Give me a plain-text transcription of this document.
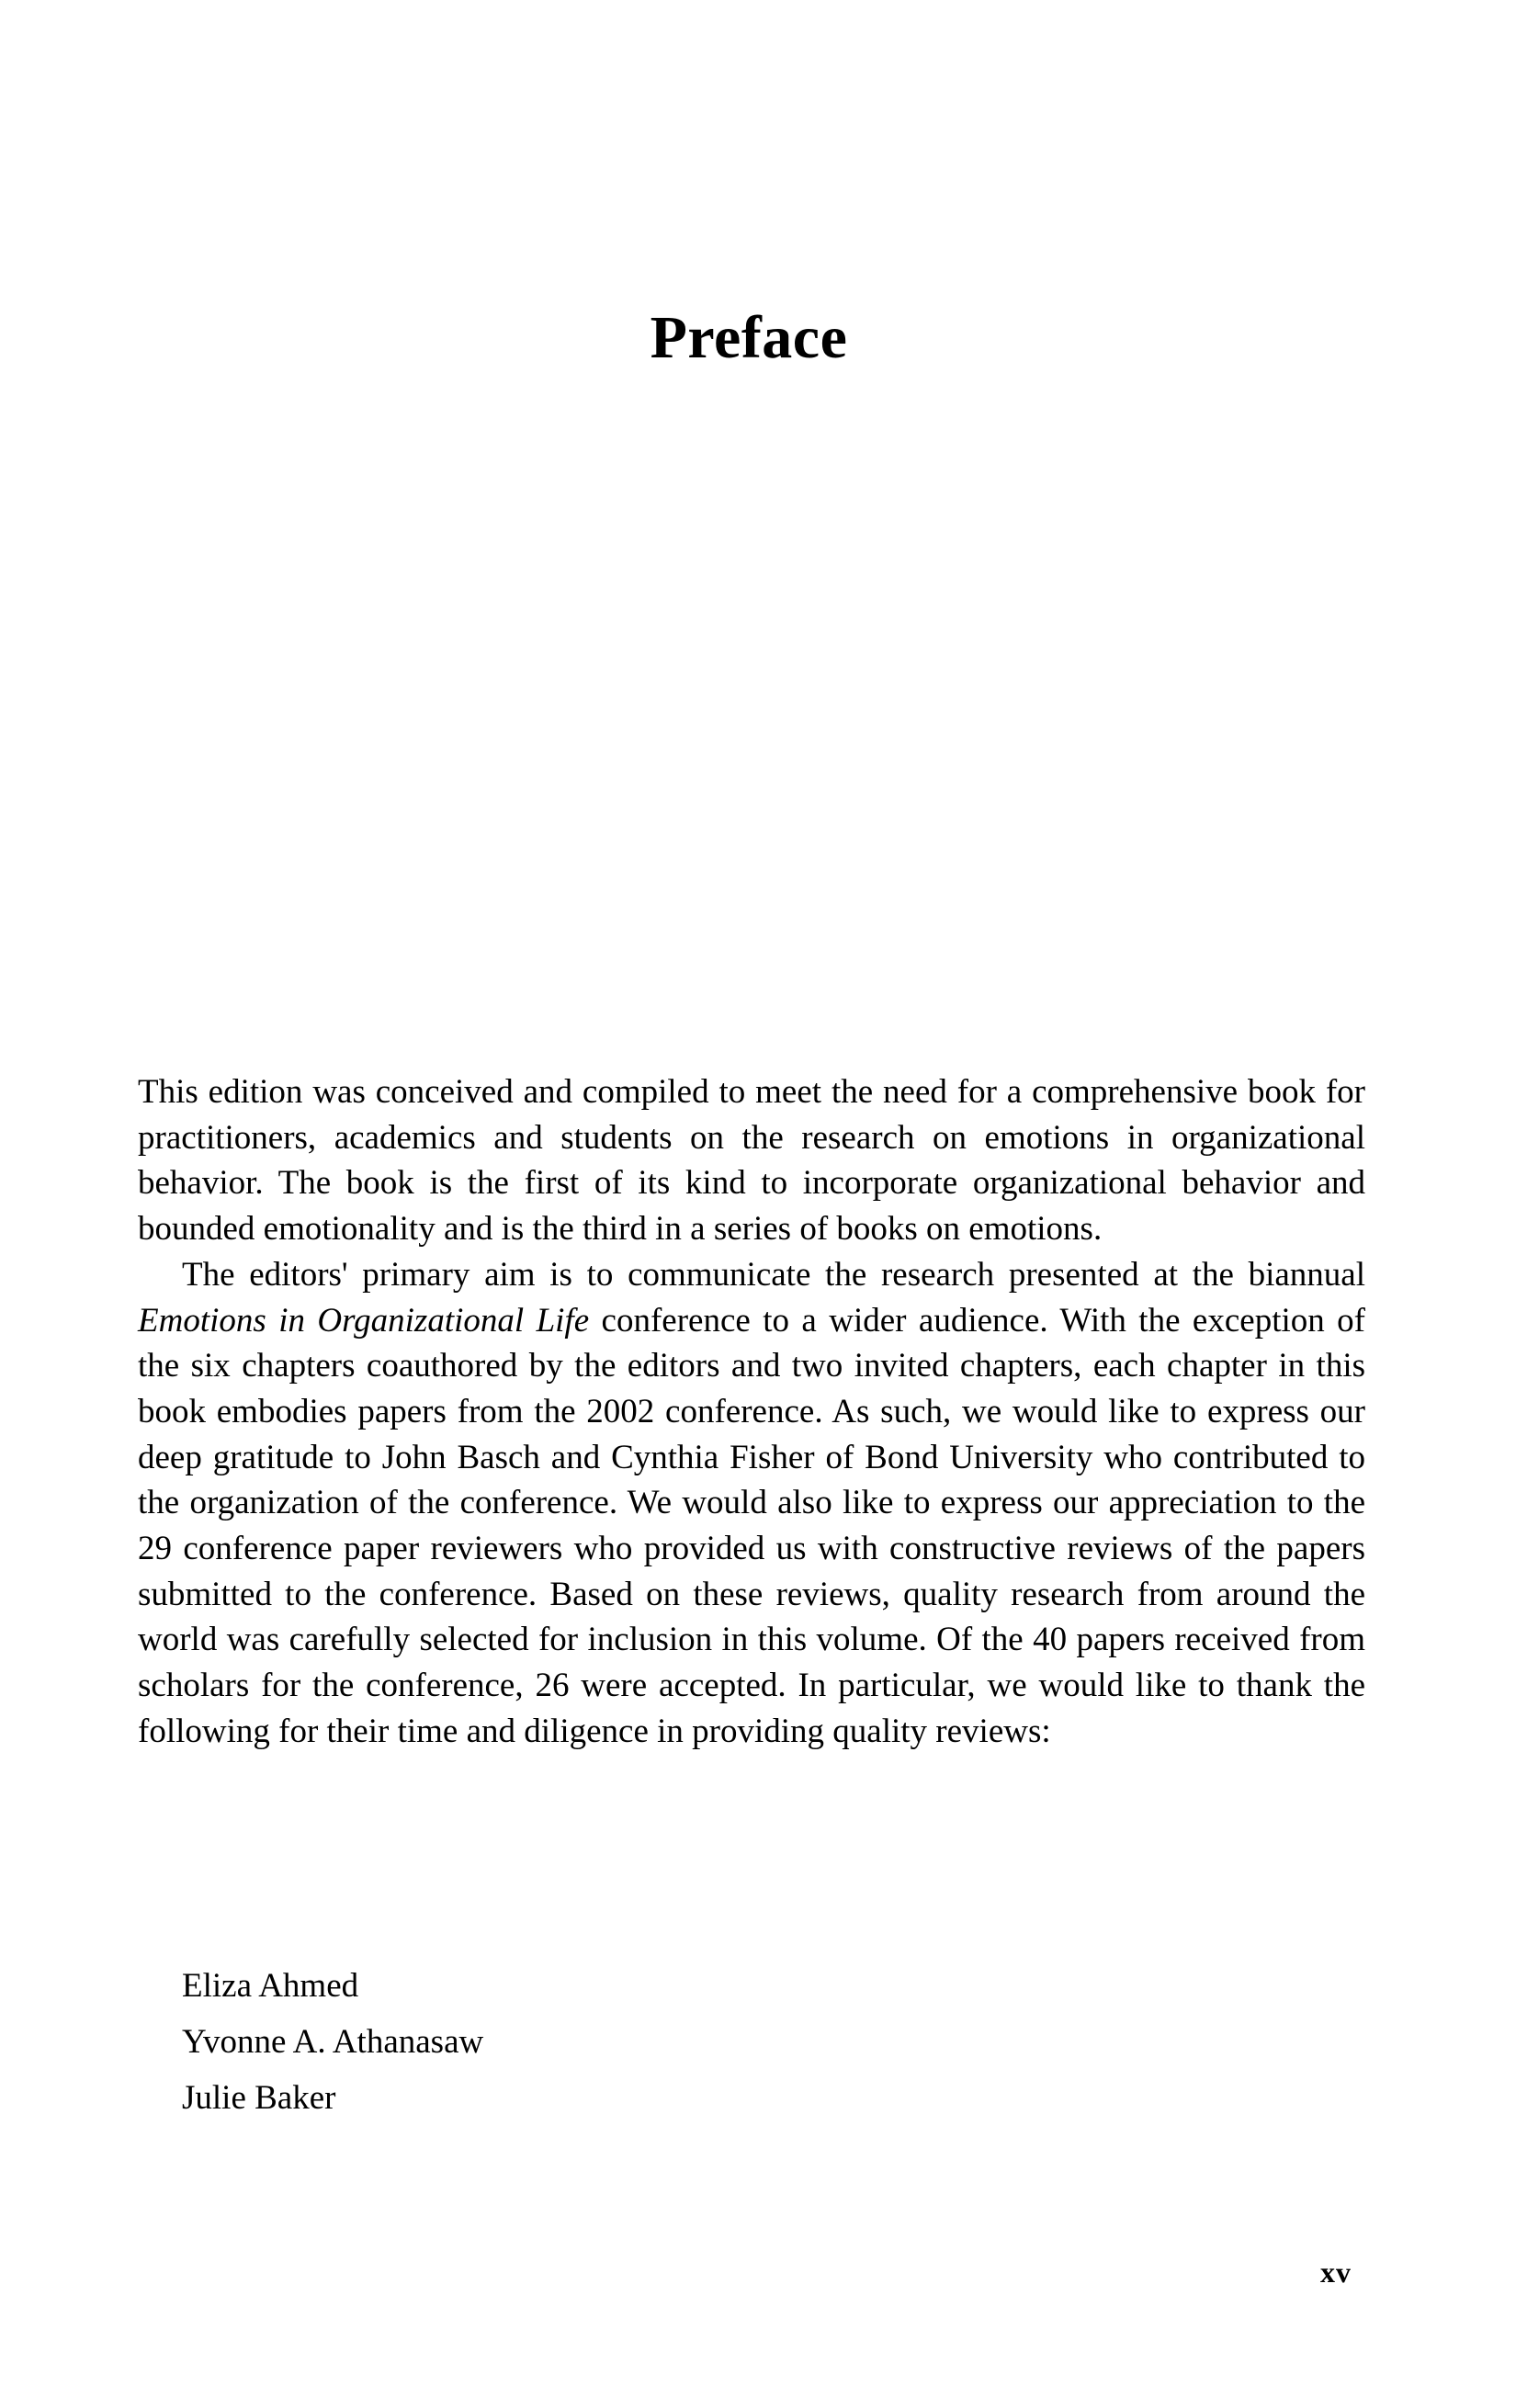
Preface

This edition was conceived and compiled to meet the need for a comprehensive book for practitioners, academics and students on the research on emotions in organizational behavior. The book is the first of its kind to incorporate organizational behavior and bounded emotionality and is the third in a series of books on emotions.

The editors' primary aim is to communicate the research presented at the biannual Emotions in Organizational Life conference to a wider audience. With the exception of the six chapters coauthored by the editors and two invited chapters, each chapter in this book embodies papers from the 2002 conference. As such, we would like to express our deep gratitude to John Basch and Cynthia Fisher of Bond University who contributed to the organization of the conference. We would also like to express our appreciation to the 29 conference paper reviewers who provided us with constructive reviews of the papers submitted to the conference. Based on these reviews, quality research from around the world was carefully selected for inclusion in this volume. Of the 40 papers received from scholars for the conference, 26 were accepted. In particular, we would like to thank the following for their time and diligence in providing quality reviews:

Eliza Ahmed
Yvonne A. Athanasaw
Julie Baker
xv
